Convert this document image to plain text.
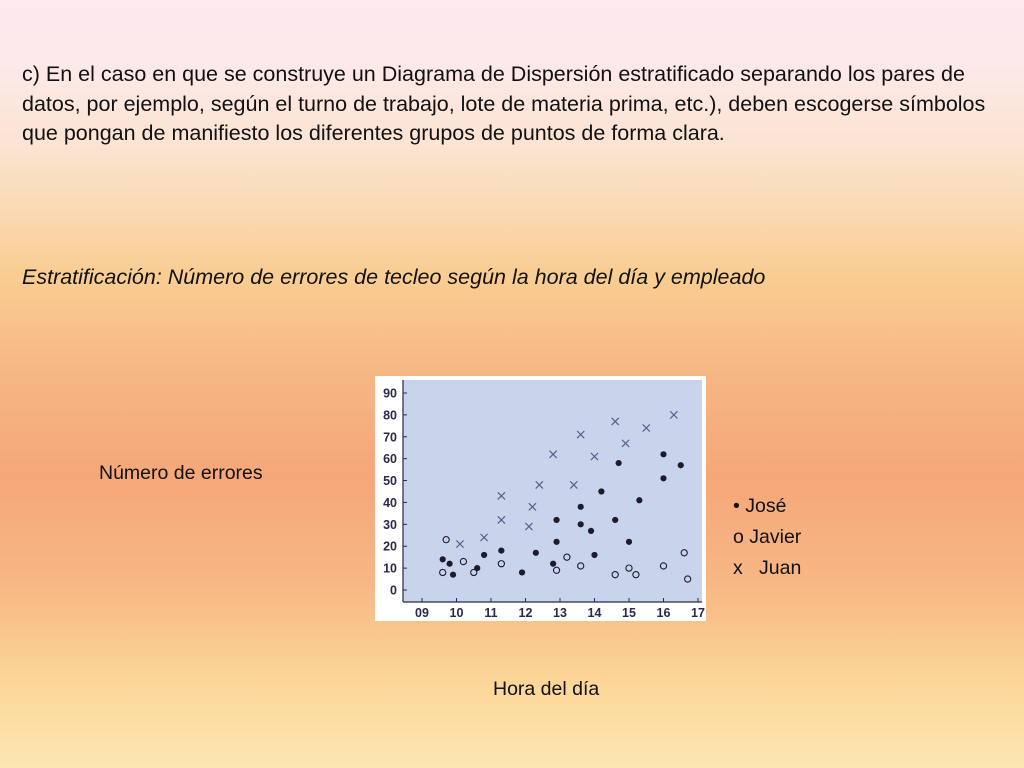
c) En el caso en que se construye un Diagrama de Dispersión estratificado separando los pares de datos, por ejemplo, según el turno de trabajo, lote de materia prima, etc.), deben escogerse símbolos que pongan de manifiesto los diferentes grupos de puntos de forma clara.
Estratificación: Número de errores de tecleo según la hora del día y empleado
Número de errores
Hora del día
• José
o Javier
x   Juan
0
10
20
30
40
50
60
70
80
90
09 10 11 12 13 14 15 16 17
